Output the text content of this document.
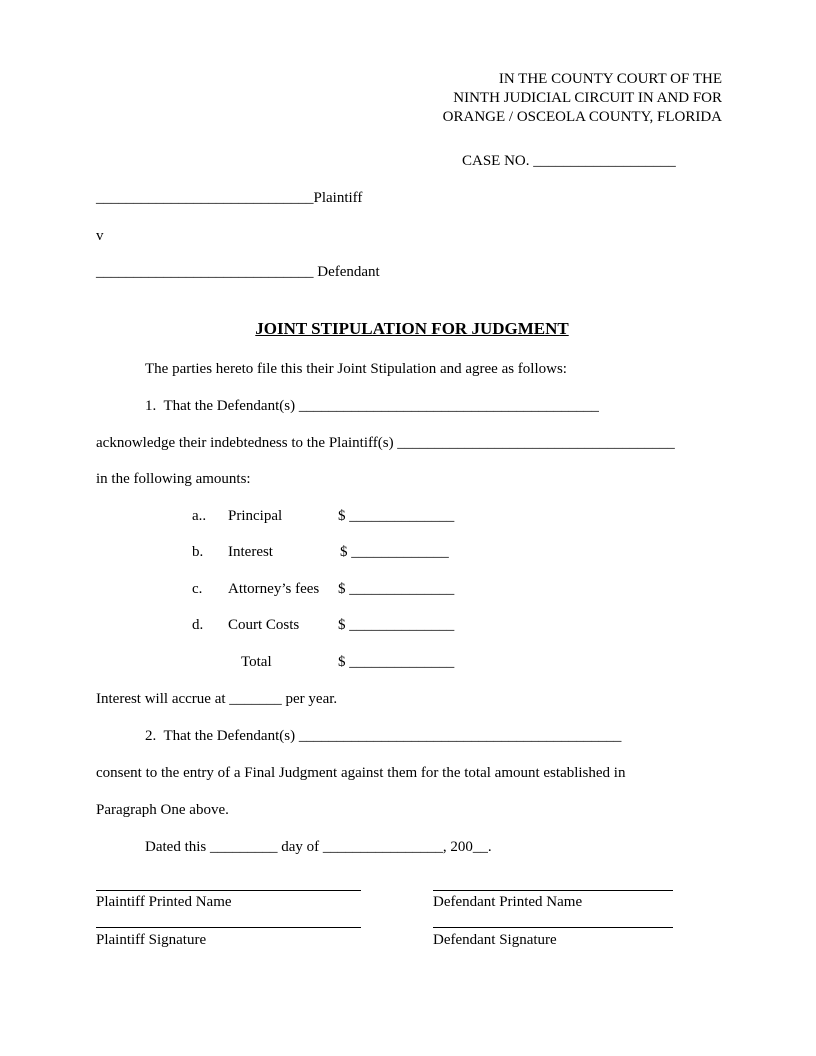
IN THE COUNTY COURT OF THE
NINTH JUDICIAL CIRCUIT IN AND FOR
ORANGE / OSCEOLA COUNTY, FLORIDA
CASE NO. ___________________
_____________________________Plaintiff
v
_____________________________ Defendant
JOINT STIPULATION FOR JUDGMENT
The parties hereto file this their Joint Stipulation and agree as follows:
1.  That the Defendant(s) ________________________________________
acknowledge their indebtedness to the Plaintiff(s) _____________________________________
in the following amounts:
a.. Principal	$ ______________
b. Interest	$ _____________
c. Attorney’s fees $ ______________
d. Court Costs	$ ______________
Total	$ ______________
Interest will accrue at _______ per year.
2.  That the Defendant(s) ___________________________________________
consent to the entry of a Final Judgment against them for the total amount established in
Paragraph One above.
Dated this _________ day of ________________, 200__.
Plaintiff Printed Name	Defendant Printed Name
Plaintiff Signature	Defendant Signature
